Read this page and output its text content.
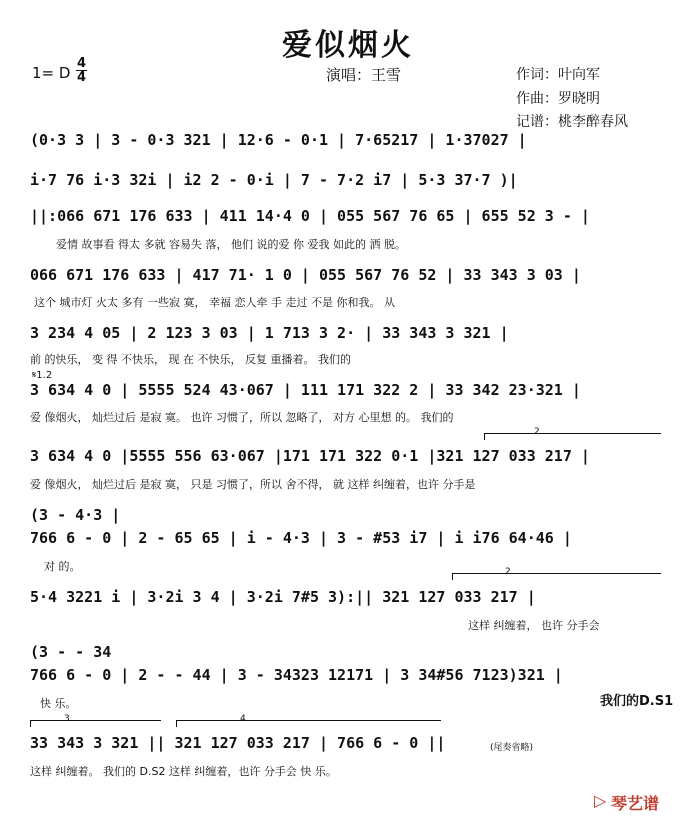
爱似烟火
1= D
4
4	演唱：王雪	作词：叶向军
作曲：罗晓明
记谱：桃李醉春风
(0·3 3 | 3 - 0·3 321 | 12·6 - 0·1 | 7·65217 | 1·37027 |
i·7 76 i·3 32i | i2 2 - 0·i | 7 - 7·2 i7 | 5·3 37·7 )|
||:066 671 176 633 | 411 14·4 0 | 055 567 76 65 | 655 52 3 - |
爱情 故事看 得太 多就 容易失 落， 他们 说的爱 你 爱我 如此的 洒 脱。
066 671 176 633 | 417 71· 1 0 | 055 567 76 52 | 33 343 3 03 |
这个 城市灯 火太 多有 一些寂 寞， 幸福 恋人牵 手 走过 不是 你和我。 从
3 234 4 05 | 2 123 3 03 | 1 713 3 2· | 33 343 3 321 |
前 的快乐， 变 得 不快乐， 现 在 不快乐， 反复 重播着。 我们的
𝄋1.2
3 634 4 0 | 5555 524 43·067 | 111 171 322 2 | 33 342 23·321 |
爱 像烟火， 灿烂过后 是寂 寞。 也许 习惯了，所以 忽略了， 对方 心里想 的。 我们的
2
3 634 4 0 |5555 556 63·067 |171 171 322 0·1 |321 127 033 217 |
爱 像烟火， 灿烂过后 是寂 寞， 只是 习惯了，所以 舍不得， 就 这样 纠缠着，也许 分手是
(3 - 4·3 |
766 6 - 0 | 2 - 65 65 | i - 4·3 | 3 - #53 i7 | i i76 64·46 |
对 的。	2
5·4 3221 i | 3·2i 3 4 | 3·2i 7#5 3):|| 321 127 033 217 |
这样 纠缠着， 也许 分手会
(3 - - 34
766 6 - 0 | 2 - - 44 | 3 - 34323 12171 | 3 34#56 7123)321 |
快 乐。	我们的D.S1
3	4
33 343 3 321 || 321 127 033 217 | 766 6 - 0 ||	(尾奏省略)
这样 纠缠着。 我们的 D.S2 这样 纠缠着，也许 分手会 快 乐。
▷ 琴艺谱
